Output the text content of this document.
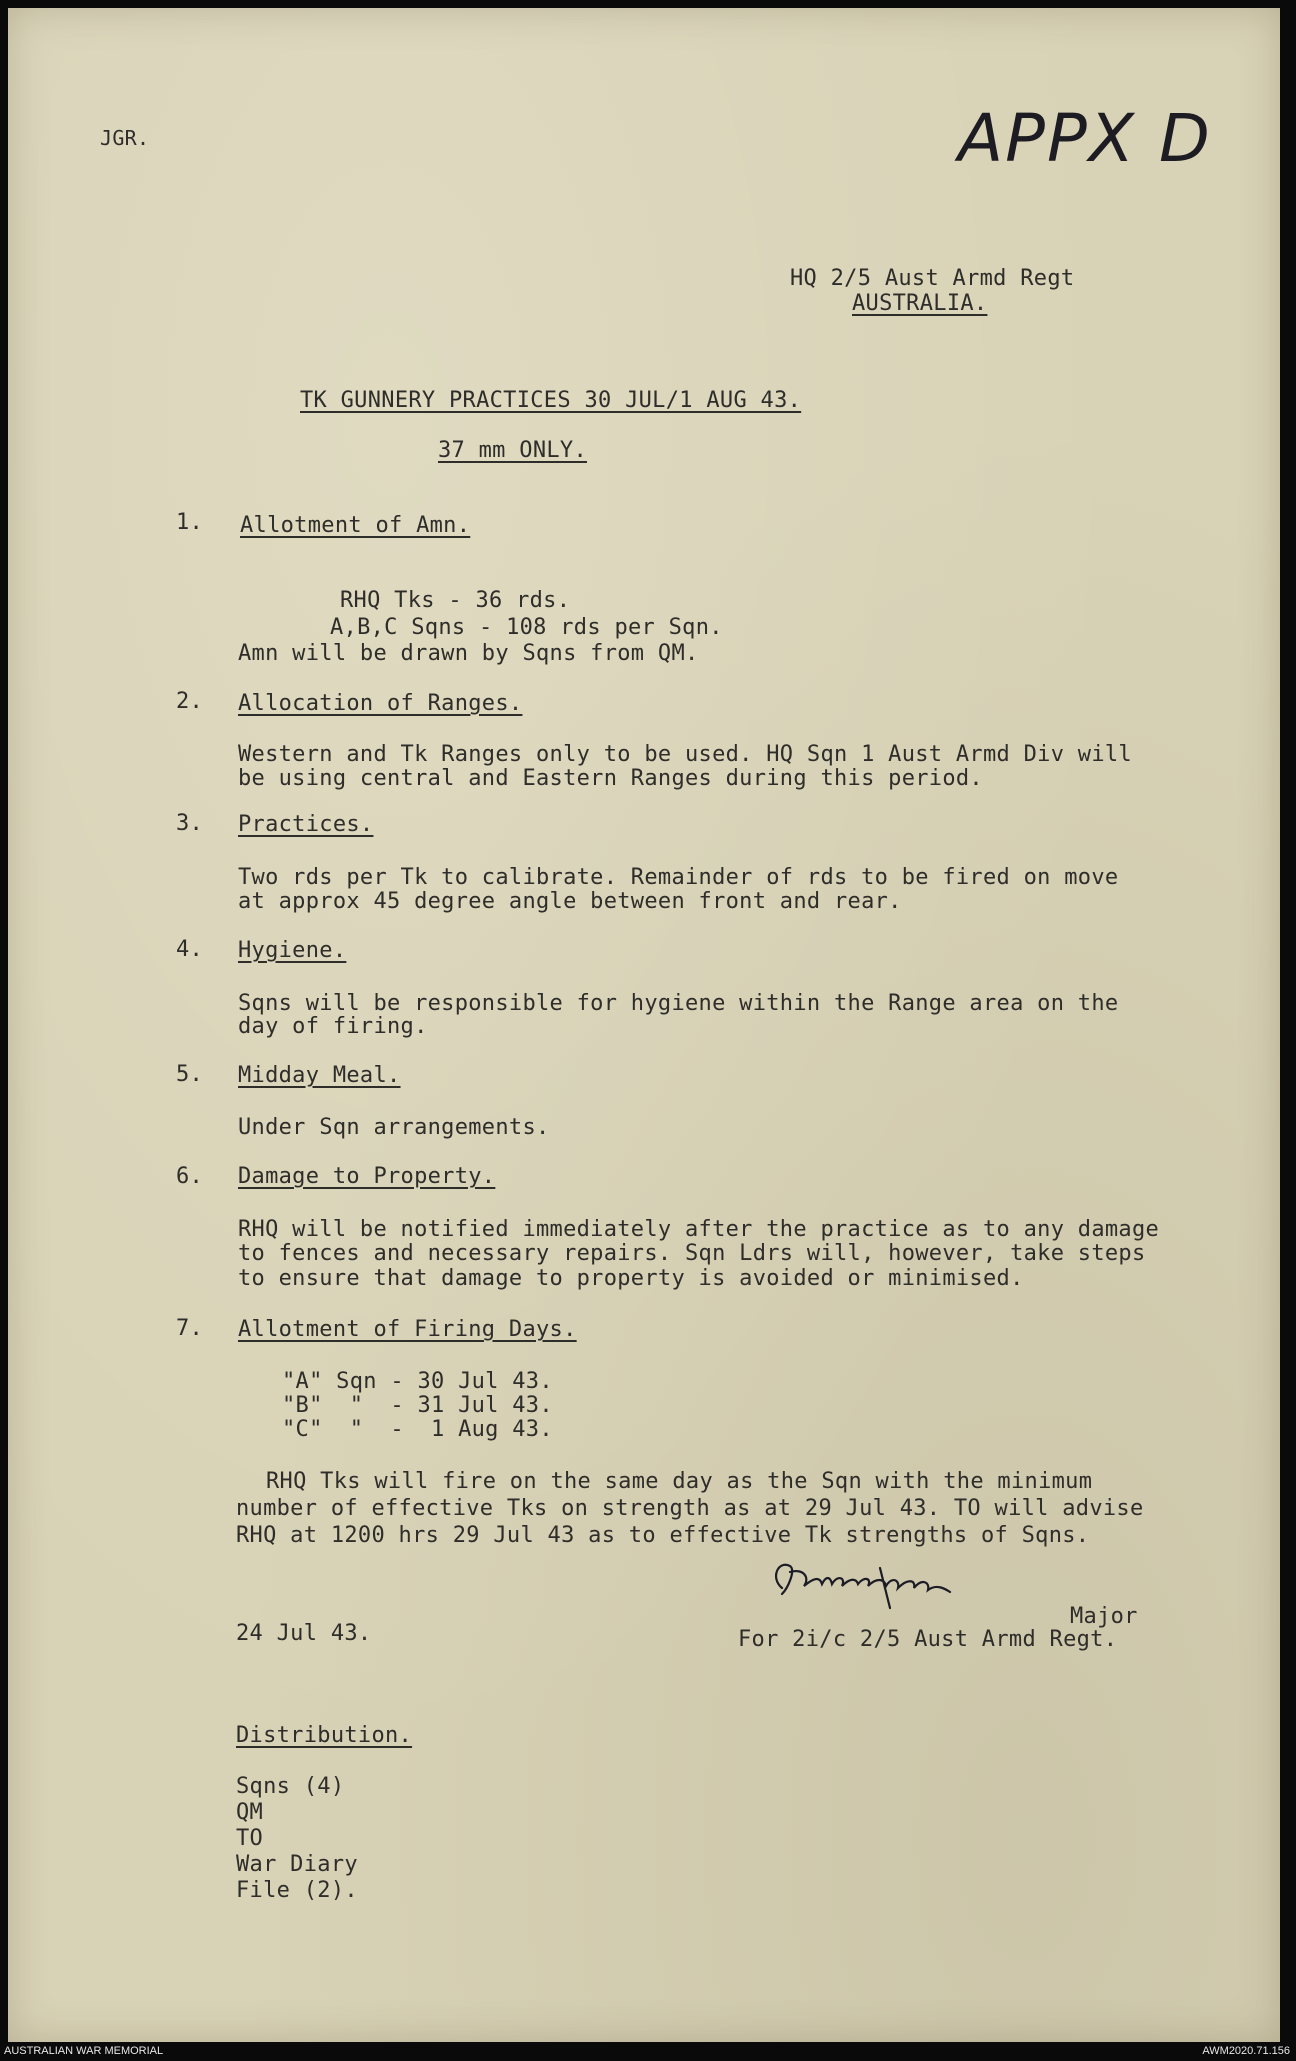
JGR.	APPX D
HQ 2/5 Aust Armd Regt
AUSTRALIA.
TK GUNNERY PRACTICES 30 JUL/1 AUG 43.
37 mm ONLY.
1. Allotment of Amn.
RHQ Tks - 36 rds.
A,B,C Sqns - 108 rds per Sqn.
Amn will be drawn by Sqns from QM.
2. Allocation of Ranges.
Western and Tk Ranges only to be used. HQ Sqn 1 Aust Armd Div will
be using central and Eastern Ranges during this period.
3. Practices.
Two rds per Tk to calibrate. Remainder of rds to be fired on move
at approx 45 degree angle between front and rear.
4. Hygiene.
Sqns will be responsible for hygiene within the Range area on the
day of firing.
5. Midday Meal.
Under Sqn arrangements.
6. Damage to Property.
RHQ will be notified immediately after the practice as to any damage
to fences and necessary repairs. Sqn Ldrs will, however, take steps
to ensure that damage to property is avoided or minimised.
7. Allotment of Firing Days.
"A" Sqn - 30 Jul 43.
"B"  "  - 31 Jul 43.
"C"  "  -  1 Aug 43.
RHQ Tks will fire on the same day as the Sqn with the minimum
number of effective Tks on strength as at 29 Jul 43. TO will advise
RHQ at 1200 hrs 29 Jul 43 as to effective Tk strengths of Sqns.
24 Jul 43.
Major
For 2i/c 2/5 Aust Armd Regt.
Distribution.
Sqns (4)
QM
TO
War Diary
File (2).
AUSTRALIAN WAR MEMORIAL	AWM2020.71.156
